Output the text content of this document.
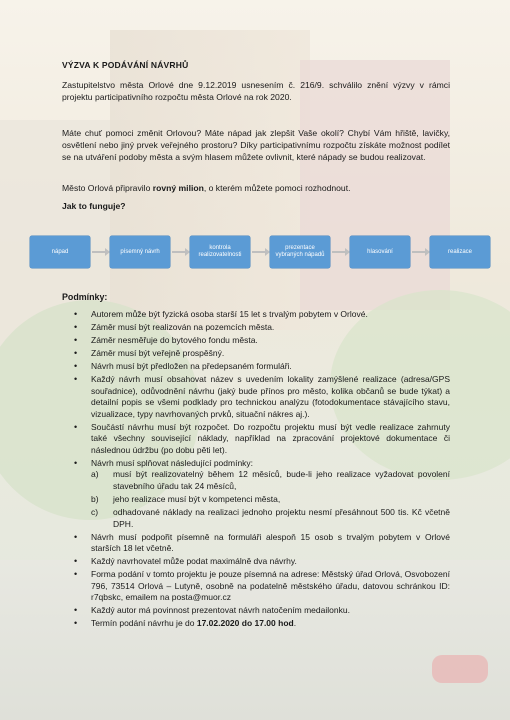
VÝZVA K PODÁVÁNÍ NÁVRHŮ

Zastupitelstvo města Orlové dne 9.12.2019 usnesením č. 216/9. schválilo znění výzvy v rámci projektu participativního rozpočtu města Orlové na rok 2020.

Máte chuť pomoci změnit Orlovou? Máte nápad jak zlepšit Vaše okolí? Chybí Vám hřiště, lavičky, osvětlení nebo jiný prvek veřejného prostoru? Díky participativnímu rozpočtu získáte možnost podílet se na utváření podoby města a svým hlasem můžete ovlivnit, které nápady se budou realizovat.

Město Orlová připravilo rovný milion, o kterém můžete pomoci rozhodnout.

Jak to funguje?
nápad	písemný návrh
kontrola realizovatelnosti
prezentace vybraných nápadů
hlasování	realizace
Podmínky:
• Autorem může být fyzická osoba starší 15 let s trvalým pobytem v Orlové.
• Záměr musí být realizován na pozemcích města.
• Záměr nesměřuje do bytového fondu města.
• Záměr musí být veřejně prospěšný.
• Návrh musí být předložen na předepsaném formuláři.
• Každý návrh musí obsahovat název s uvedením lokality zamýšlené realizace (adresa/GPS souřadnice), odůvodnění návrhu (jaký bude přínos pro město, kolika občanů se bude týkat) a detailní popis se všemi podklady pro technickou analýzu (fotodokumentace stávajícího stavu, vizualizace, typy navrhovaných prvků, situační nákres aj.).
• Součástí návrhu musí být rozpočet. Do rozpočtu projektu musí být vedle realizace zahrnuty také všechny související náklady, například na zpracování projektové dokumentace či následnou údržbu (po dobu pěti let).
• Návrh musí splňovat následující podmínky:
a) musí být realizovatelný během 12 měsíců, bude-li jeho realizace vyžadovat povolení stavebního úřadu tak 24 měsíců,
b) jeho realizace musí být v kompetenci města,
c) odhadované náklady na realizaci jednoho projektu nesmí přesáhnout 500 tis. Kč včetně DPH.
• Návrh musí podpořit písemně na formuláři alespoň 15 osob s trvalým pobytem v Orlové starších 18 let včetně.
• Každý navrhovatel může podat maximálně dva návrhy.
• Forma podání v tomto projektu je pouze písemná na adrese: Městský úřad Orlová, Osvobození 796, 73514 Orlová – Lutyně, osobně na podatelně městského úřadu, datovou schránkou ID: r7qbskc, emailem na posta@muor.cz
• Každý autor má povinnost prezentovat návrh natočením medailonku.
• Termín podání návrhu je do 17.02.2020 do 17.00 hod.
